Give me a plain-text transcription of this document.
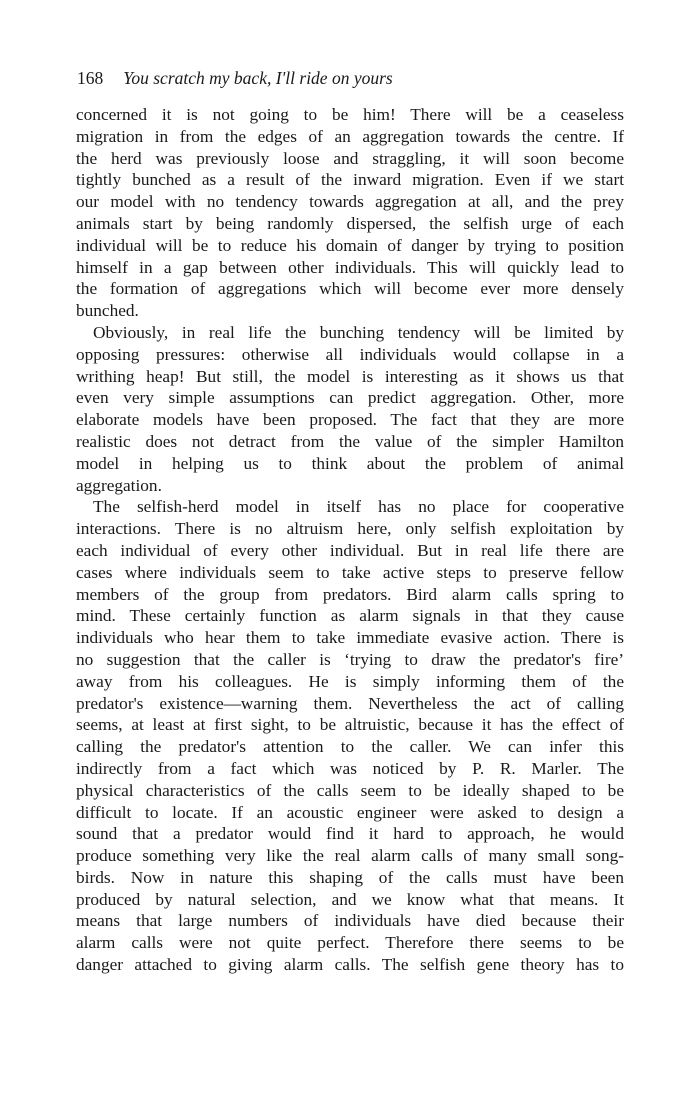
168 You scratch my back, I'll ride on yours
concerned it is not going to be him! There will be a ceaseless
migration in from the edges of an aggregation towards the centre. If
the herd was previously loose and straggling, it will soon become
tightly bunched as a result of the inward migration. Even if we start
our model with no tendency towards aggregation at all, and the prey
animals start by being randomly dispersed, the selfish urge of each
individual will be to reduce his domain of danger by trying to position
himself in a gap between other individuals. This will quickly lead to
the formation of aggregations which will become ever more densely
bunched.
Obviously, in real life the bunching tendency will be limited by
opposing pressures: otherwise all individuals would collapse in a
writhing heap! But still, the model is interesting as it shows us that
even very simple assumptions can predict aggregation. Other, more
elaborate models have been proposed. The fact that they are more
realistic does not detract from the value of the simpler Hamilton
model in helping us to think about the problem of animal
aggregation.
The selfish-herd model in itself has no place for cooperative
interactions. There is no altruism here, only selfish exploitation by
each individual of every other individual. But in real life there are
cases where individuals seem to take active steps to preserve fellow
members of the group from predators. Bird alarm calls spring to
mind. These certainly function as alarm signals in that they cause
individuals who hear them to take immediate evasive action. There is
no suggestion that the caller is ‘trying to draw the predator's fire’
away from his colleagues. He is simply informing them of the
predator's existence—warning them. Nevertheless the act of calling
seems, at least at first sight, to be altruistic, because it has the effect of
calling the predator's attention to the caller. We can infer this
indirectly from a fact which was noticed by P. R. Marler. The
physical characteristics of the calls seem to be ideally shaped to be
difficult to locate. If an acoustic engineer were asked to design a
sound that a predator would find it hard to approach, he would
produce something very like the real alarm calls of many small song-
birds. Now in nature this shaping of the calls must have been
produced by natural selection, and we know what that means. It
means that large numbers of individuals have died because their
alarm calls were not quite perfect. Therefore there seems to be
danger attached to giving alarm calls. The selfish gene theory has to
